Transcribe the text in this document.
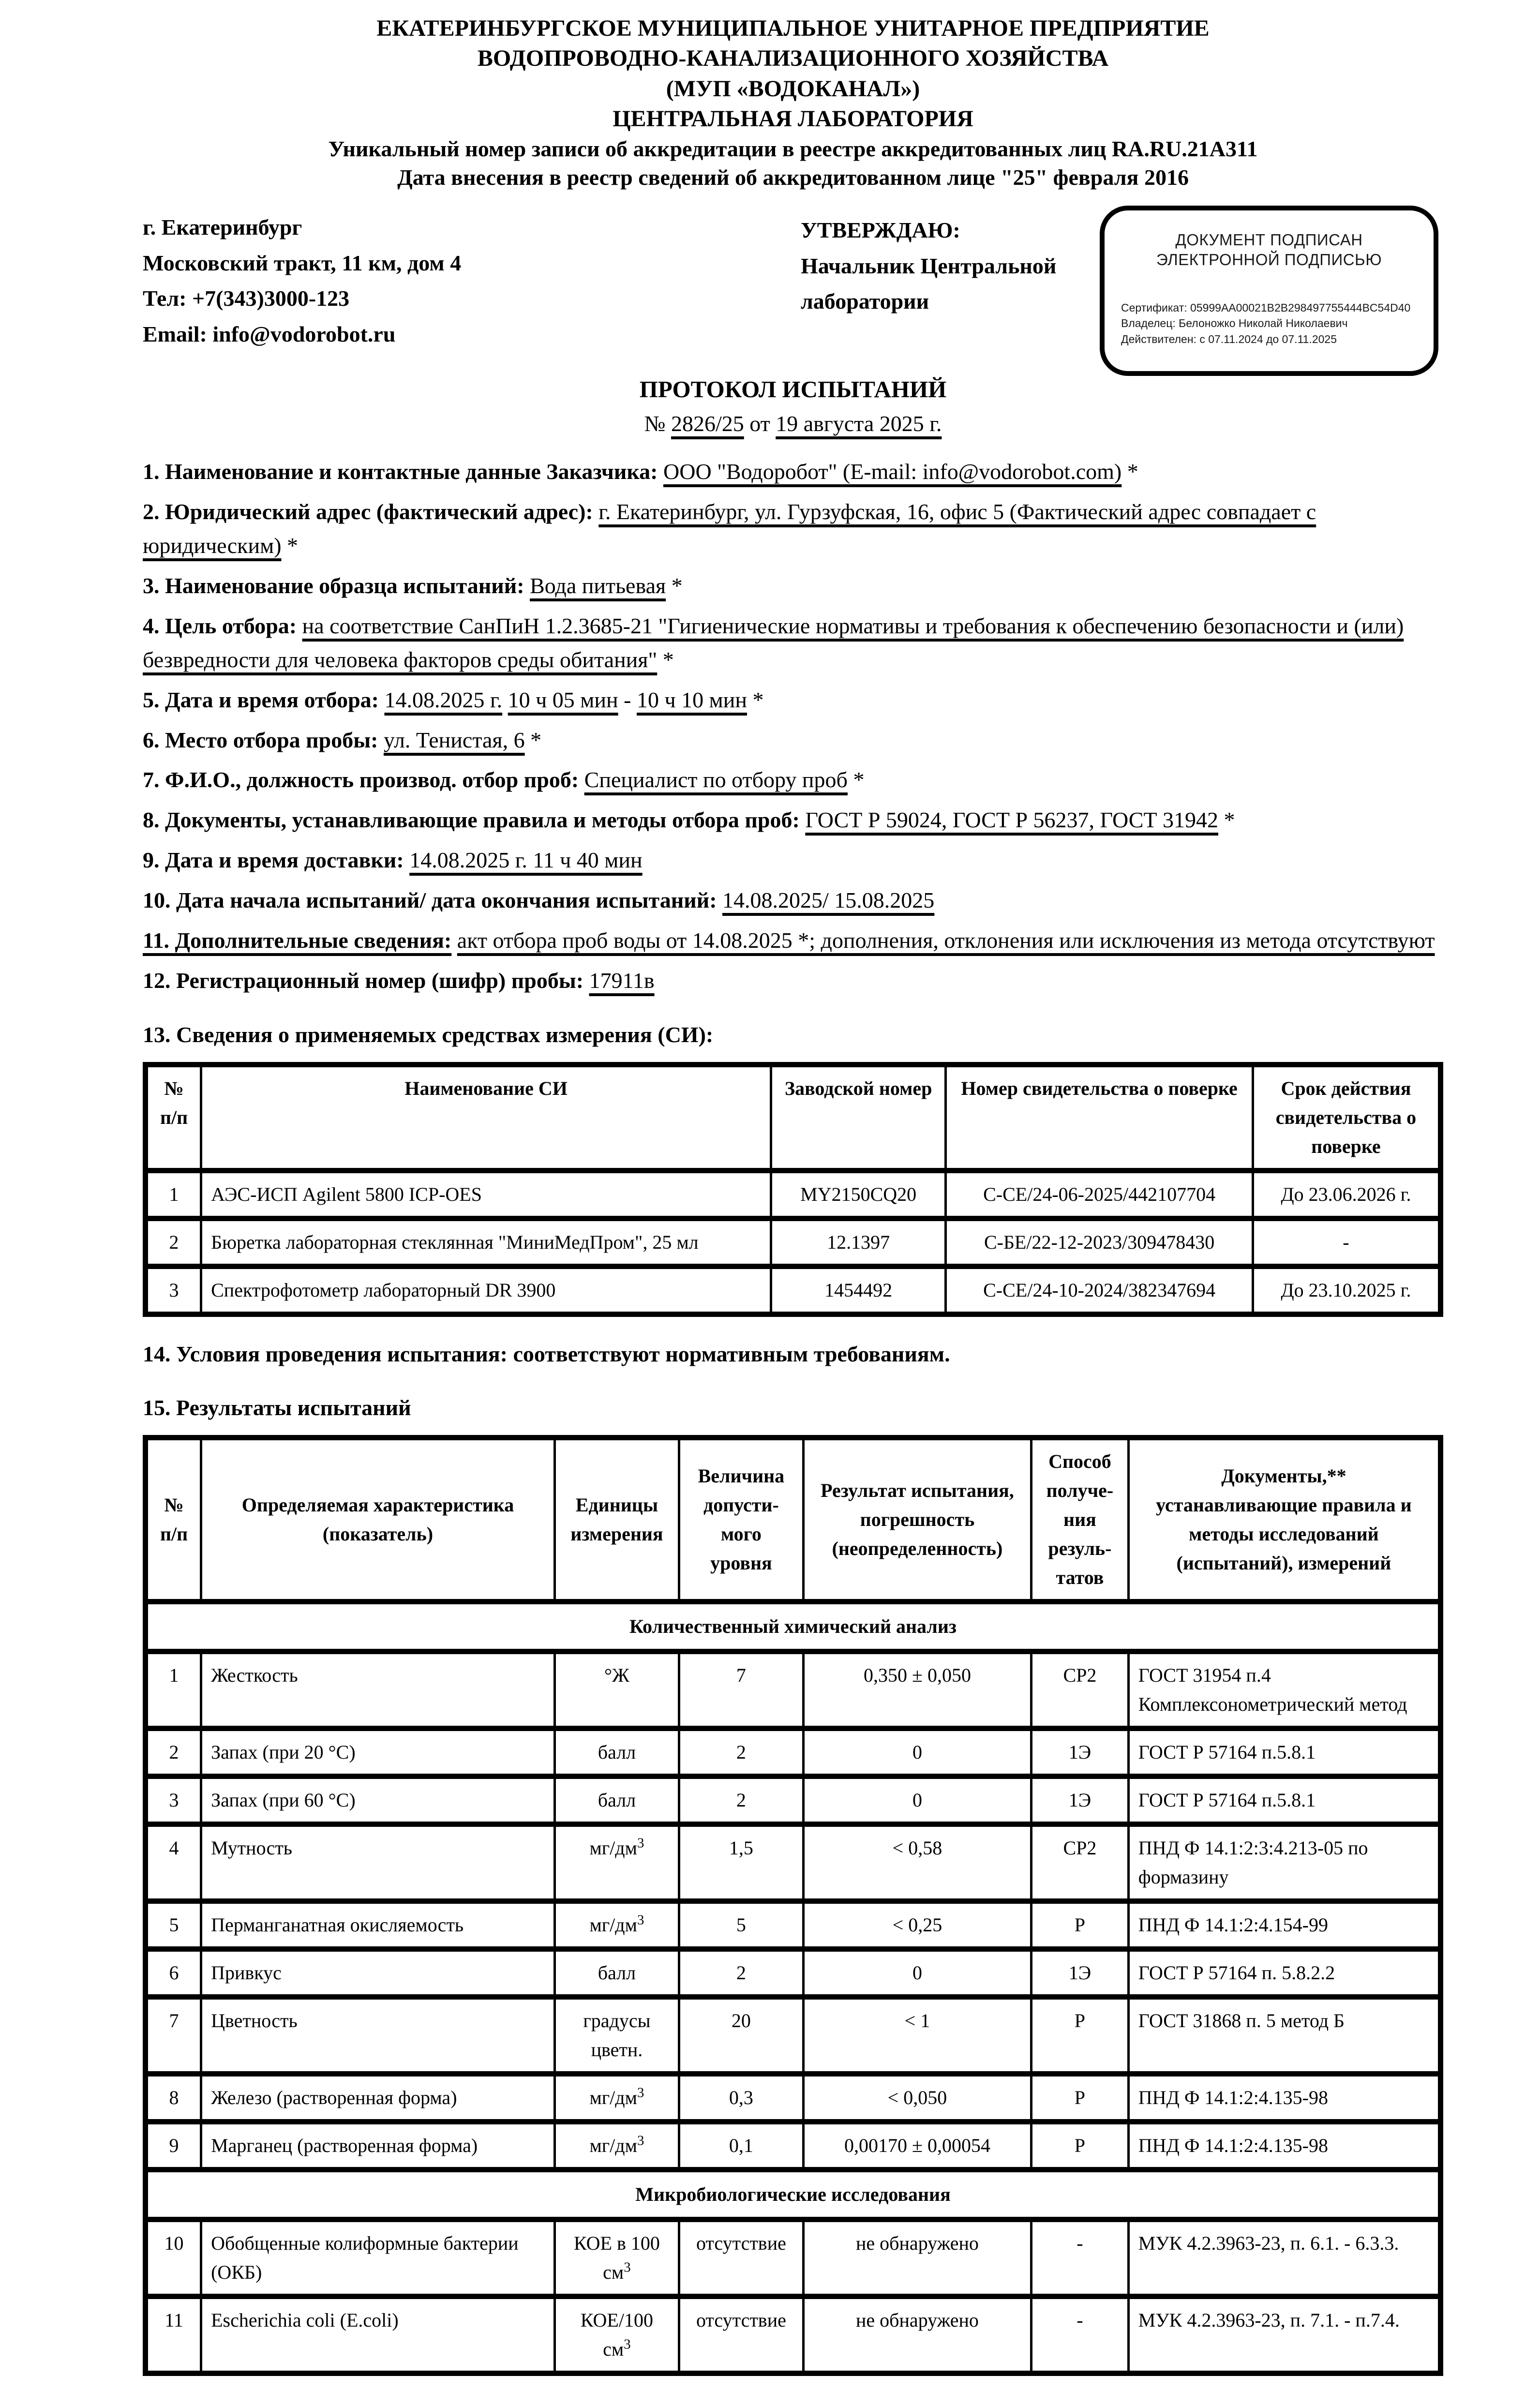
ЕКАТЕРИНБУРГСКОЕ МУНИЦИПАЛЬНОЕ УНИТАРНОЕ ПРЕДПРИЯТИЕ

ВОДОПРОВОДНО-КАНАЛИЗАЦИОННОГО ХОЗЯЙСТВА

(МУП «ВОДОКАНАЛ»)

ЦЕНТРАЛЬНАЯ ЛАБОРАТОРИЯ

Уникальный номер записи об аккредитации в реестре аккредитованных лиц RA.RU.21А311

Дата внесения в реестр сведений об аккредитованном лице "25" февраля 2016

г. Екатеринбург

Московский тракт, 11 км, дом 4

Тел: +7(343)3000-123

Email: info@vodorobot.ru

УТВЕРЖДАЮ:

Начальник Центральной

лаборатории

ДОКУМЕНТ ПОДПИСАН

ЭЛЕКТРОННОЙ ПОДПИСЬЮ

Сертификат: 05999AA00021B2B298497755444BC54D40

Владелец: Белоножко Николай Николаевич

Действителен: с 07.11.2024 до 07.11.2025

ПРОТОКОЛ ИСПЫТАНИЙ

№ 2826/25 от 19 августа 2025 г.

1. Наименование и контактные данные Заказчика: ООО "Водоробот" (E-mail: info@vodorobot.com) *

2. Юридический адрес (фактический адрес): г. Екатеринбург, ул. Гурзуфская, 16, офис 5 (Фактический адрес совпадает с юридическим) *

3. Наименование образца испытаний: Вода питьевая *

4. Цель отбора: на соответствие СанПиН 1.2.3685-21 "Гигиенические нормативы и требования к обеспечению безопасности и (или) безвредности для человека факторов среды обитания" *

5. Дата и время отбора: 14.08.2025 г. 10 ч 05 мин - 10 ч 10 мин *

6. Место отбора пробы: ул. Тенистая, 6 *

7. Ф.И.О., должность производ. отбор проб: Специалист по отбору проб *

8. Документы, устанавливающие правила и методы отбора проб: ГОСТ Р 59024, ГОСТ Р 56237, ГОСТ 31942 *

9. Дата и время доставки: 14.08.2025 г. 11 ч 40 мин

10. Дата начала испытаний/ дата окончания испытаний: 14.08.2025/ 15.08.2025

11. Дополнительные сведения: акт отбора проб воды от 14.08.2025 *; дополнения, отклонения или исключения из метода отсутствуют

12. Регистрационный номер (шифр) пробы: 17911в

13. Сведения о применяемых средствах измерения (СИ):

№ п/п	Наименование СИ	Заводской номер	Номер свидетельства о поверке	Срок действия свидетельства о поверке
1	АЭС-ИСП Agilent 5800 ICP-OES	MY2150CQ20	С-СЕ/24-06-2025/442107704	До 23.06.2026 г.
2	Бюретка лабораторная стеклянная "МиниМедПром", 25 мл	12.1397	С-БЕ/22-12-2023/309478430	-
3	Спектрофотометр лабораторный DR 3900	1454492	С-СЕ/24-10-2024/382347694	До 23.10.2025 г.

14. Условия проведения испытания: соответствуют нормативным требованиям.

15. Результаты испытаний

№ п/п	Определяемая характеристика (показатель)	Единицы измерения	Величина допусти- мого уровня	Результат испытания, погрешность (неопределенность)	Способ получе- ния резуль- татов	Документы,** устанавливающие правила и методы исследований (испытаний), измерений
Количественный химический анализ						
1	Жесткость	°Ж	7	0,350 ± 0,050	СР2	ГОСТ 31954 п.4 Комплексонометрический метод
2	Запах (при 20 °С)	балл	2	0	1Э	ГОСТ Р 57164 п.5.8.1
3	Запах (при 60 °С)	балл	2	0	1Э	ГОСТ Р 57164 п.5.8.1
4	Мутность	$мг/дм^3$	1,5	< 0,58	СР2	ПНД Ф 14.1:2:3:4.213-05 по формазину
5	Перманганатная окисляемость	$мг/дм^3$	5	< 0,25	Р	ПНД Ф 14.1:2:4.154-99
6	Привкус	балл	2	0	1Э	ГОСТ Р 57164 п. 5.8.2.2
7	Цветность	градусы цветн.	20	< 1	Р	ГОСТ 31868 п. 5 метод Б
8	Железо (растворенная форма)	$мг/дм^3$	0,3	< 0,050	Р	ПНД Ф 14.1:2:4.135-98
9	Марганец (растворенная форма)	$мг/дм^3$	0,1	0,00170 ± 0,00054	Р	ПНД Ф 14.1:2:4.135-98
Микробиологические исследования						
10	Обобщенные колиформные бактерии (ОКБ)	КОЕ в 100 $см^3$	отсутствие	не обнаружено	-	МУК 4.2.3963-23, п. 6.1. - 6.3.3.
11	Escherichia coli (E.coli)	КОЕ/100 $см^3$	отсутствие	не обнаружено	-	МУК 4.2.3963-23, п. 7.1. - п.7.4.
